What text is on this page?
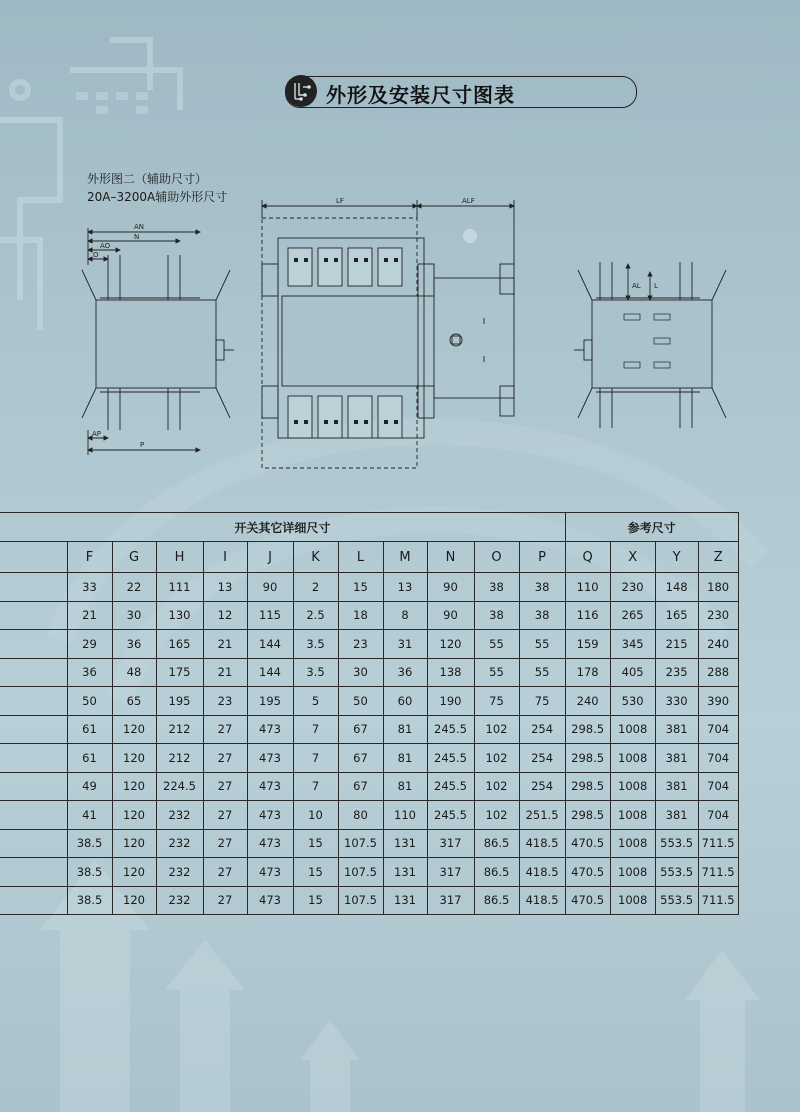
外形及安装尺寸图表
外形图二（辅助尺寸）
20A–3200A辅助外形尺寸
AN
N
AO
O
AP
P
LF	ALF
AL L
开关其它详细尺寸												参考尺寸			
	F	G	H	I	J	K	L	M	N	O	P	Q	X	Y	Z
	33	22	111	13	90	2	15	13	90	38	38	110	230	148	180
	21	30	130	12	115	2.5	18	8	90	38	38	116	265	165	230
	29	36	165	21	144	3.5	23	31	120	55	55	159	345	215	240
	36	48	175	21	144	3.5	30	36	138	55	55	178	405	235	288
	50	65	195	23	195	5	50	60	190	75	75	240	530	330	390
	61	120	212	27	473	7	67	81	245.5	102	254	298.5	1008	381	704
	61	120	212	27	473	7	67	81	245.5	102	254	298.5	1008	381	704
	49	120	224.5	27	473	7	67	81	245.5	102	254	298.5	1008	381	704
	41	120	232	27	473	10	80	110	245.5	102	251.5	298.5	1008	381	704
	38.5	120	232	27	473	15	107.5	131	317	86.5	418.5	470.5	1008	553.5	711.5
	38.5	120	232	27	473	15	107.5	131	317	86.5	418.5	470.5	1008	553.5	711.5
	38.5	120	232	27	473	15	107.5	131	317	86.5	418.5	470.5	1008	553.5	711.5
